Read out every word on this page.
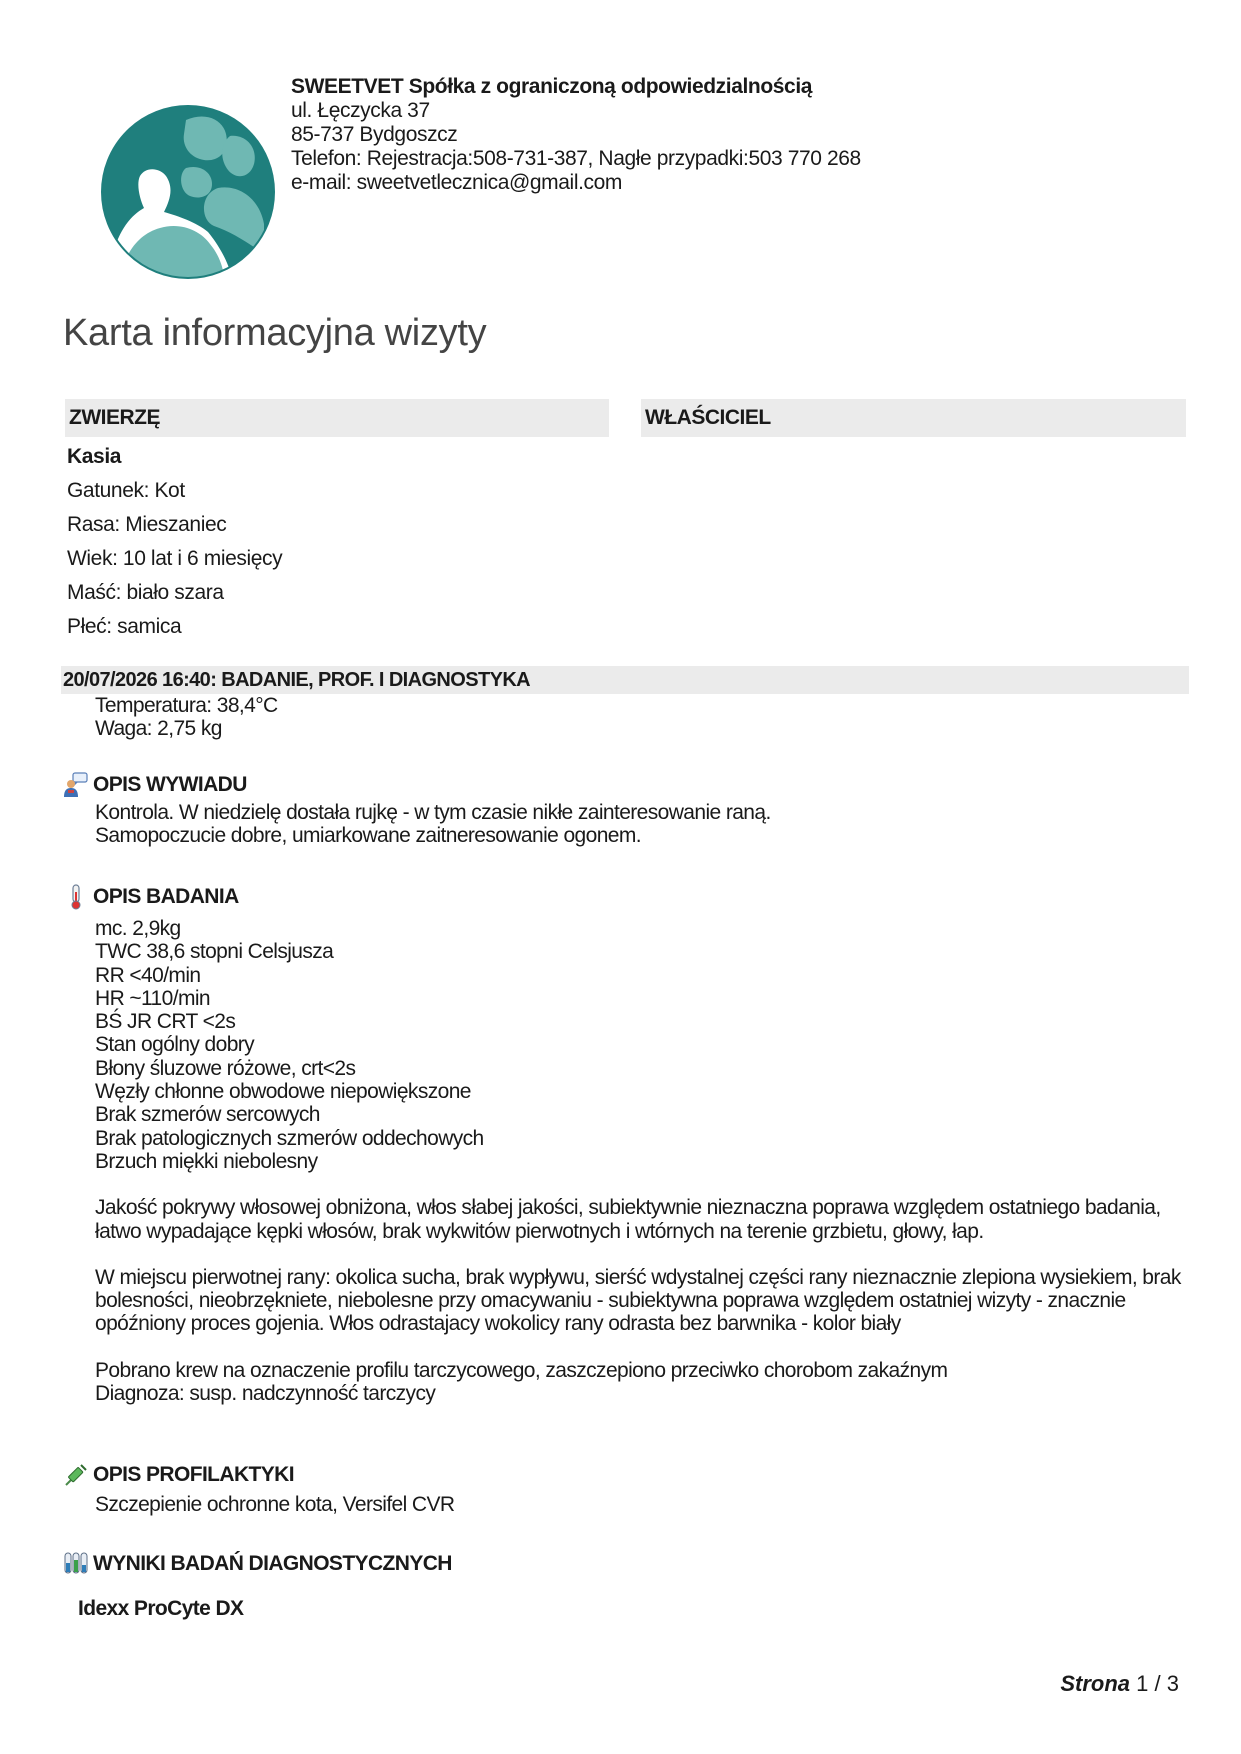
SWEETVET Spółka z ograniczoną odpowiedzialnością
ul. Łęczycka 37
85-737 Bydgoszcz
Telefon: Rejestracja:508-731-387, Nagłe przypadki:503 770 268
e-mail: sweetvetlecznica@gmail.com
Karta informacyjna wizyty
ZWIERZĘ	WŁAŚCICIEL
Kasia
Gatunek: Kot
Rasa: Mieszaniec
Wiek: 10 lat i 6 miesięcy
Maść: biało szara
Płeć: samica
20/07/2026 16:40: BADANIE, PROF. I DIAGNOSTYKA
Temperatura: 38,4°C
Waga: 2,75 kg
OPIS WYWIADU
Kontrola. W niedzielę dostała rujkę - w tym czasie nikłe zainteresowanie raną.
Samopoczucie dobre, umiarkowane zaitneresowanie ogonem.
OPIS BADANIA
mc. 2,9kg
TWC 38,6 stopni Celsjusza
RR <40/min
HR ~110/min
BŚ JR CRT <2s
Stan ogólny dobry
Błony śluzowe różowe, crt<2s
Węzły chłonne obwodowe niepowiększone
Brak szmerów sercowych
Brak patologicznych szmerów oddechowych
Brzuch miękki niebolesny

Jakość pokrywy włosowej obniżona, włos słabej jakości, subiektywnie nieznaczna poprawa względem ostatniego badania, łatwo wypadające kępki włosów, brak wykwitów pierwotnych i wtórnych na terenie grzbietu, głowy, łap.

W miejscu pierwotnej rany: okolica sucha, brak wypływu, sierść wdystalnej części rany nieznacznie zlepiona wysiekiem, brak bolesności, nieobrzękniete, niebolesne przy omacywaniu - subiektywna poprawa względem ostatniej wizyty - znacznie opóźniony proces gojenia. Włos odrastajacy wokolicy rany odrasta bez barwnika - kolor biały

Pobrano krew na oznaczenie profilu tarczycowego, zaszczepiono przeciwko chorobom zakaźnym
Diagnoza: susp. nadczynność tarczycy
OPIS PROFILAKTYKI
Szczepienie ochronne kota, Versifel CVR
WYNIKI BADAŃ DIAGNOSTYCZNYCH
Idexx ProCyte DX
Strona 1 / 3
